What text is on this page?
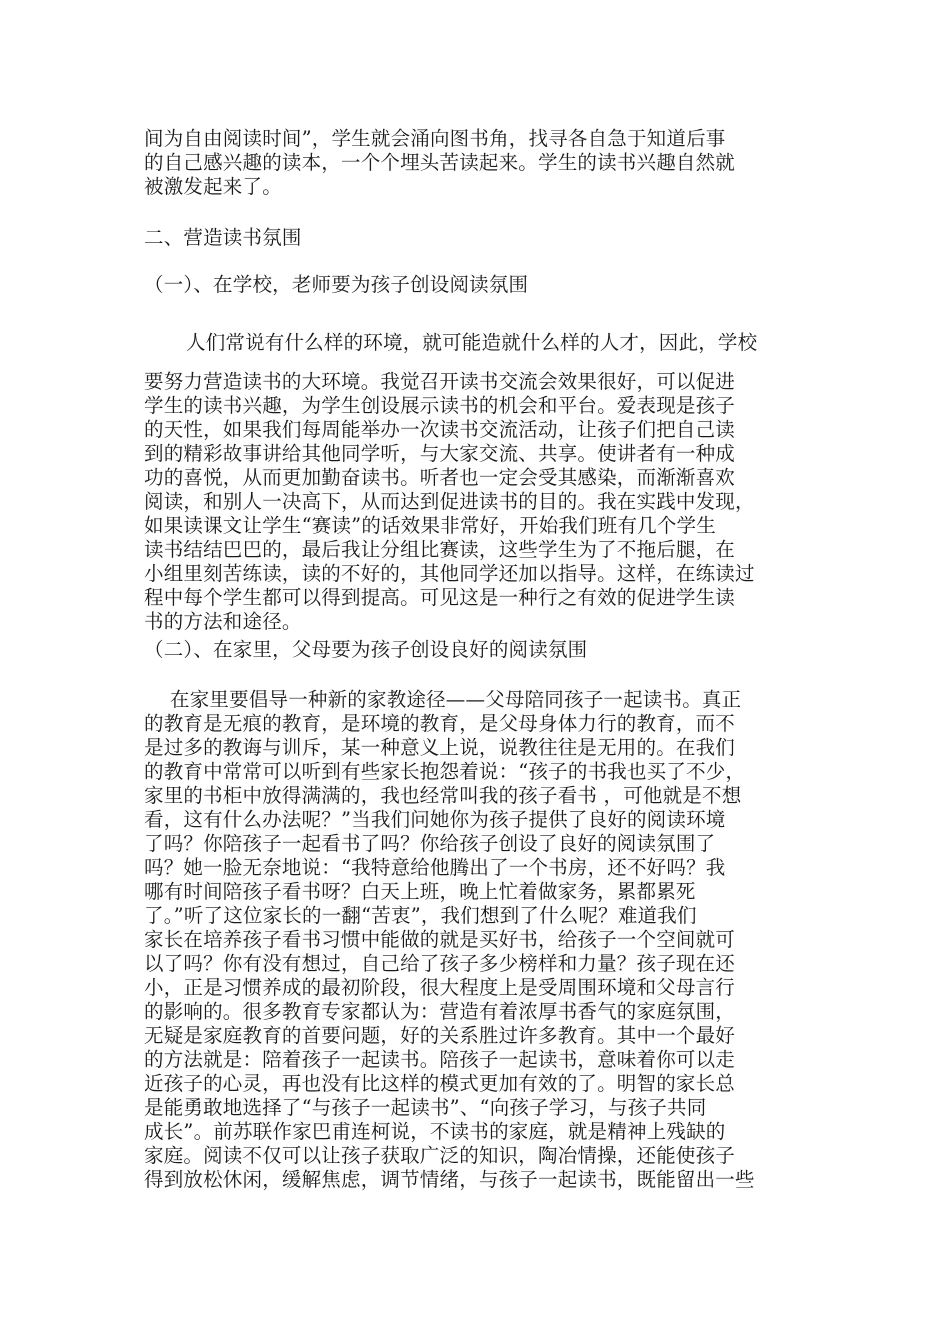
间为自由阅读时间”，学生就会涌向图书角，找寻各自急于知道后事
的自己感兴趣的读本，一个个埋头苦读起来。学生的读书兴趣自然就
被激发起来了。
二、营造读书氛围
（一）、在学校，老师要为孩子创设阅读氛围
人们常说有什么样的环境，就可能造就什么样的人才，因此，学校
要努力营造读书的大环境。我觉召开读书交流会效果很好，可以促进
学生的读书兴趣，为学生创设展示读书的机会和平台。爱表现是孩子
的天性，如果我们每周能举办一次读书交流活动，让孩子们把自己读
到的精彩故事讲给其他同学听，与大家交流、共享。使讲者有一种成
功的喜悦，从而更加勤奋读书。听者也一定会受其感染，而渐渐喜欢
阅读，和别人一决高下，从而达到促进读书的目的。我在实践中发现，
如果读课文让学生“赛读”的话效果非常好，开始我们班有几个学生
读书结结巴巴的，最后我让分组比赛读，这些学生为了不拖后腿，在
小组里刻苦练读，读的不好的，其他同学还加以指导。这样，在练读过
程中每个学生都可以得到提高。可见这是一种行之有效的促进学生读
书的方法和途径。
（二）、在家里，父母要为孩子创设良好的阅读氛围
在家里要倡导一种新的家教途径——父母陪同孩子一起读书。真正
的教育是无痕的教育，是环境的教育，是父母身体力行的教育，而不
是过多的教诲与训斥，某一种意义上说，说教往往是无用的。在我们
的教育中常常可以听到有些家长抱怨着说：“孩子的书我也买了不少，
家里的书柜中放得满满的，我也经常叫我的孩子看书 ，可他就是不想
看，这有什么办法呢？”当我们问她你为孩子提供了良好的阅读环境
了吗？你陪孩子一起看书了吗？你给孩子创设了良好的阅读氛围了
吗？她一脸无奈地说：“我特意给他腾出了一个书房，还不好吗？我
哪有时间陪孩子看书呀？白天上班，晚上忙着做家务，累都累死
了。”听了这位家长的一翻“苦衷”，我们想到了什么呢？难道我们
家长在培养孩子看书习惯中能做的就是买好书，给孩子一个空间就可
以了吗？你有没有想过，自己给了孩子多少榜样和力量？孩子现在还
小，正是习惯养成的最初阶段，很大程度上是受周围环境和父母言行
的影响的。很多教育专家都认为：营造有着浓厚书香气的家庭氛围，
无疑是家庭教育的首要问题，好的关系胜过许多教育。其中一个最好
的方法就是：陪着孩子一起读书。陪孩子一起读书，意味着你可以走
近孩子的心灵，再也没有比这样的模式更加有效的了。明智的家长总
是能勇敢地选择了“与孩子一起读书”、“向孩子学习，与孩子共同
成长”。前苏联作家巴甫连柯说，不读书的家庭，就是精神上残缺的
家庭。阅读不仅可以让孩子获取广泛的知识，陶冶情操，还能使孩子
得到放松休闲，缓解焦虑，调节情绪，与孩子一起读书，既能留出一些
